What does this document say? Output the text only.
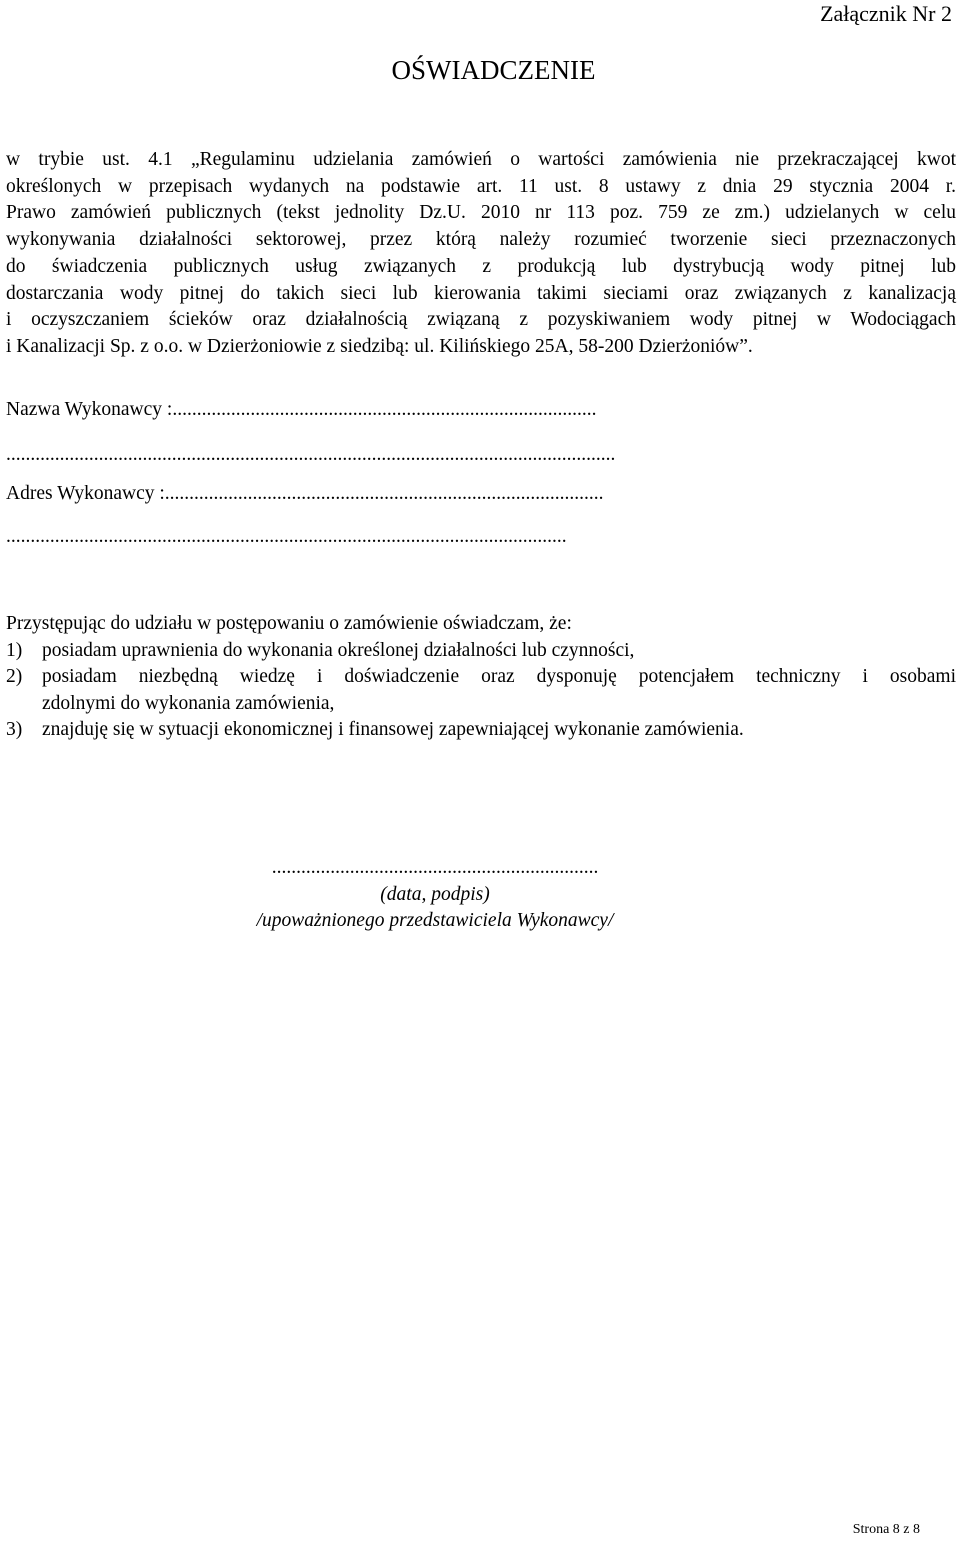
Załącznik Nr 2
OŚWIADCZENIE
w trybie ust. 4.1 „Regulaminu udzielania zamówień o wartości zamówienia nie przekraczającej kwot
określonych w przepisach wydanych na podstawie art. 11 ust. 8 ustawy z dnia 29 stycznia 2004 r.
Prawo zamówień publicznych (tekst jednolity Dz.U. 2010 nr 113 poz. 759 ze zm.) udzielanych w celu
wykonywania działalności sektorowej, przez którą należy rozumieć tworzenie sieci przeznaczonych
do świadczenia publicznych usług związanych z produkcją lub dystrybucją wody pitnej lub
dostarczania wody pitnej do takich sieci lub kierowania takimi sieciami oraz związanych z kanalizacją
i oczyszczaniem ścieków oraz działalnością związaną z pozyskiwaniem wody pitnej w Wodociągach
i Kanalizacji Sp. z o.o. w Dzierżoniowie z siedzibą: ul. Kilińskiego 25A, 58-200 Dzierżoniów”.
Nazwa Wykonawcy :.......................................................................................
.............................................................................................................................
Adres Wykonawcy :..........................................................................................
...................................................................................................................
Przystępując do udziału w postępowaniu o zamówienie oświadczam, że:
1)	posiadam uprawnienia do wykonania określonej działalności lub czynności,
2)	posiadam niezbędną wiedzę i doświadczenie oraz dysponuję potencjałem techniczny i osobami
zdolnymi do wykonania zamówienia,
3)	znajduję się w sytuacji ekonomicznej i finansowej zapewniającej wykonanie zamówienia.
...................................................................
(data, podpis)
/upoważnionego przedstawiciela Wykonawcy/
Strona 8 z 8
